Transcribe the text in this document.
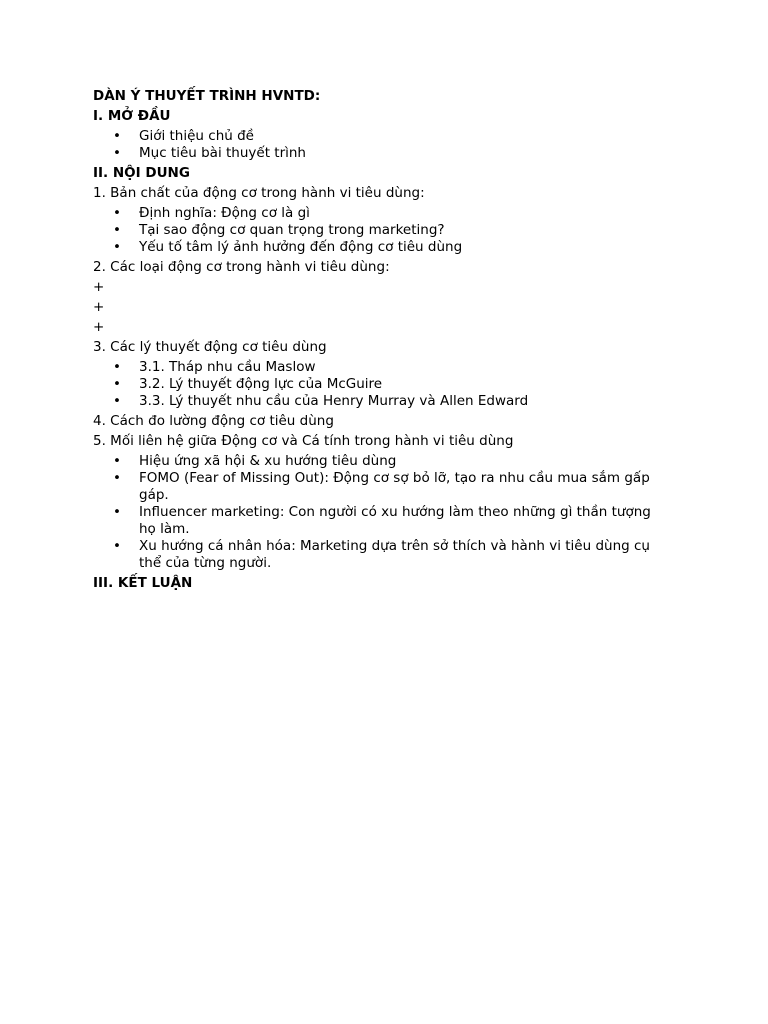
DÀN Ý THUYẾT TRÌNH HVNTD:
I. MỞ ĐẦU
• Giới thiệu chủ đề
• Mục tiêu bài thuyết trình
II. NỘI DUNG
1. Bản chất của động cơ trong hành vi tiêu dùng:
• Định nghĩa: Động cơ là gì
• Tại sao động cơ quan trọng trong marketing?
• Yếu tố tâm lý ảnh hưởng đến động cơ tiêu dùng
2. Các loại động cơ trong hành vi tiêu dùng:
+
+
+
3. Các lý thuyết động cơ tiêu dùng
• 3.1. Tháp nhu cầu Maslow
• 3.2. Lý thuyết động lực của McGuire
• 3.3. Lý thuyết nhu cầu của Henry Murray và Allen Edward
4. Cách đo lường động cơ tiêu dùng
5. Mối liên hệ giữa Động cơ và Cá tính trong hành vi tiêu dùng
• Hiệu ứng xã hội & xu hướng tiêu dùng
• FOMO (Fear of Missing Out): Động cơ sợ bỏ lỡ, tạo ra nhu cầu mua sắm gấp gáp.
• Influencer marketing: Con người có xu hướng làm theo những gì thần tượng họ làm.
• Xu hướng cá nhân hóa: Marketing dựa trên sở thích và hành vi tiêu dùng cụ thể của từng người.
III. KẾT LUẬN
